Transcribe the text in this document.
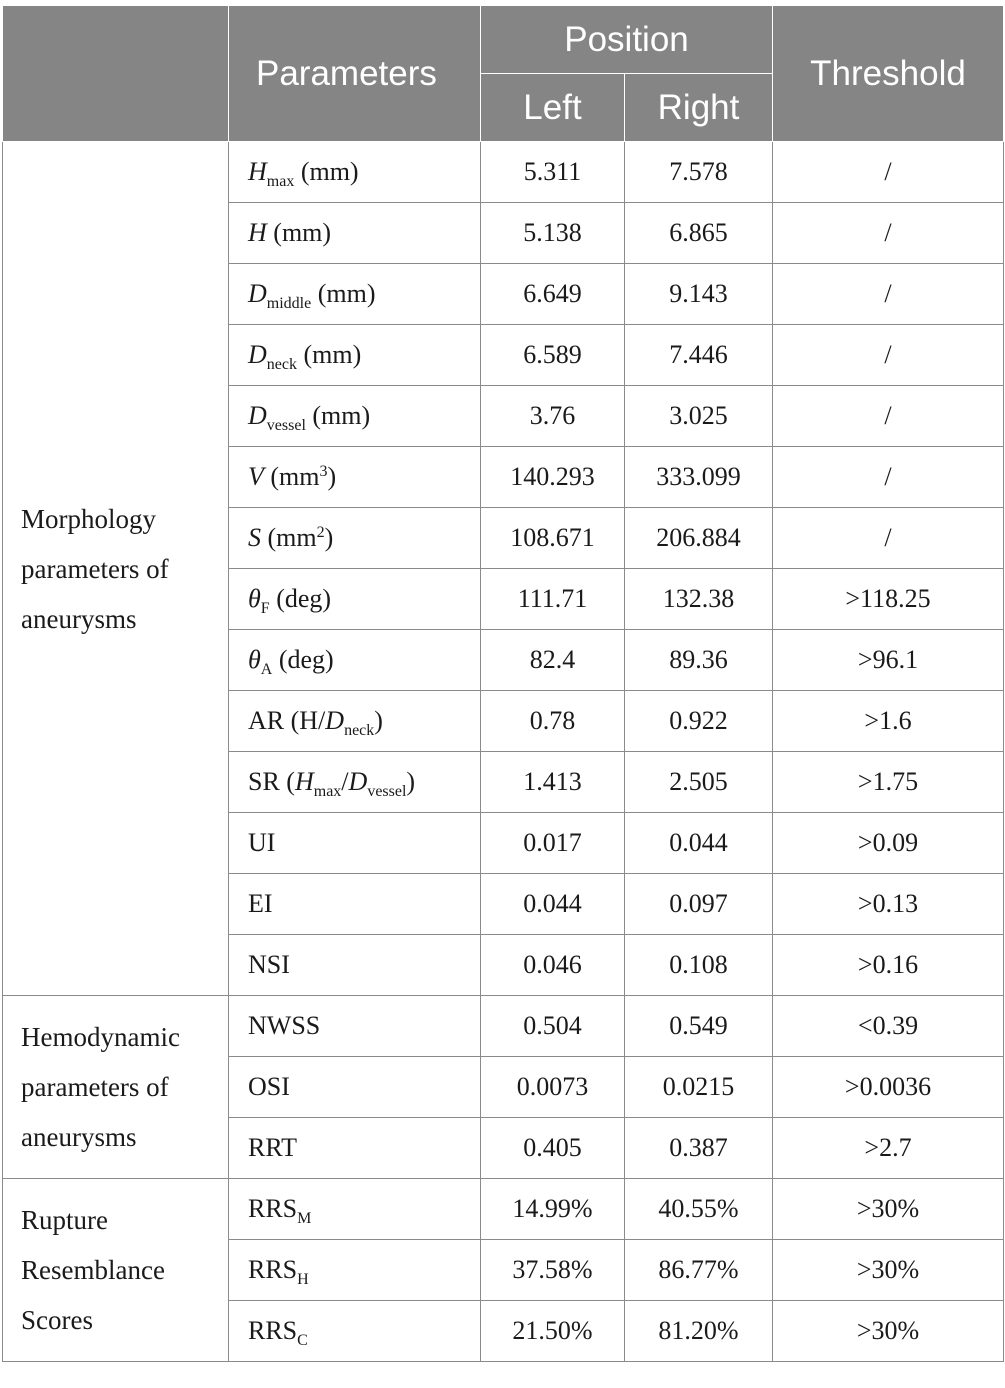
	Parameters	Position		Threshold
		Left	Right	
Morphology parameters of aneurysms	$H_{max}$ (mm)	5.311	7.578	/
	H (mm)	5.138	6.865	/
	$D_{middle}$ (mm)	6.649	9.143	/
	$D_{neck}$ (mm)	6.589	7.446	/
	$D_{vessel}$ (mm)	3.76	3.025	/
	V $(mm^3)$	140.293	333.099	/
	S $(mm^2)$	108.671	206.884	/
	$\theta_F$ (deg)	111.71	132.38	>118.25
	$\theta_A$ (deg)	82.4	89.36	>96.1
	AR $(H/D_{neck})$	0.78	0.922	>1.6
	SR $(H_{max}/D_{vessel})$	1.413	2.505	>1.75
	UI	0.017	0.044	>0.09
	EI	0.044	0.097	>0.13
	NSI	0.046	0.108	>0.16
Hemodynamic parameters of aneurysms	NWSS	0.504	0.549	<0.39
	OSI	0.0073	0.0215	>0.0036
	RRT	0.405	0.387	>2.7
Rupture Resemblance Scores	$RRS_M$	14.99%	40.55%	>30%
	$RRS_H$	37.58%	86.77%	>30%
	$RRS_C$	21.50%	81.20%	>30%
